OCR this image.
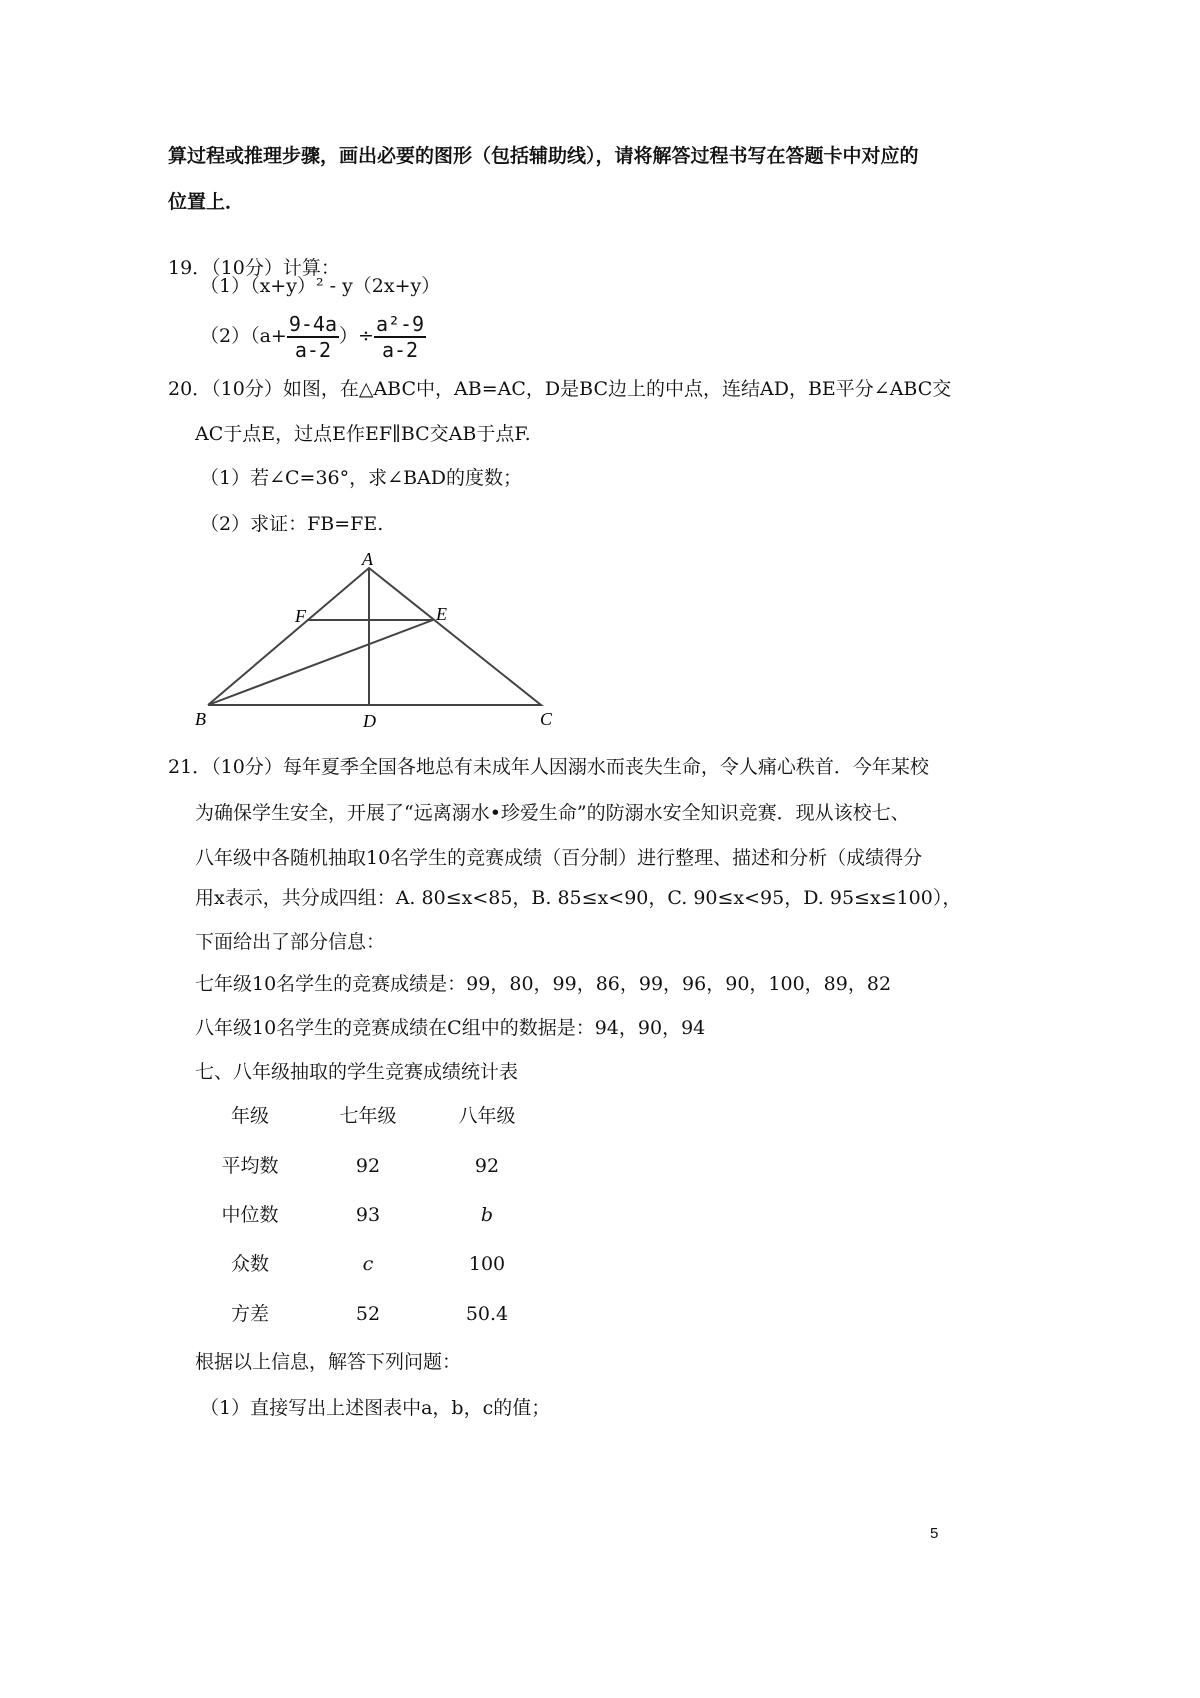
算过程或推理步骤，画出必要的图形（包括辅助线），请将解答过程书写在答题卡中对应的
位置上．
19．（10分）计算：
（1）（x+y）² - y（2x+y）
$(2)(a+ \frac{9-4a}{a-2}$ ）÷ $\frac{\text{a²-9}}{a-2}$
20．（10分）如图，在△ABC中，AB=AC，D是BC边上的中点，连结AD，BE平分∠ABC交
AC于点E，过点E作EF∥BC交AB于点F.
（1）若∠C=36°，求∠BAD的度数；
（2）求证：FB=FE.
A
B	C
D
E
F
21．（10分）每年夏季全国各地总有未成年人因溺水而丧失生命，令人痛心秩首．今年某校
为确保学生安全，开展了“远离溺水•珍爱生命”的防溺水安全知识竞赛．现从该校七、
八年级中各随机抽取10名学生的竞赛成绩（百分制）进行整理、描述和分析（成绩得分
用x表示，共分成四组：A. 80≤x<85，B. 85≤x<90，C. 90≤x<95，D. 95≤x≤100），
下面给出了部分信息：
七年级10名学生的竞赛成绩是：99，80，99，86，99，96，90，100，89，82
八年级10名学生的竞赛成绩在C组中的数据是：94，90，94
七、八年级抽取的学生竞赛成绩统计表
年级	七年级	八年级
平均数	92	92
中位数	93	b
众数	c	100
方差	52	50.4
根据以上信息，解答下列问题：
（1）直接写出上述图表中a，b，c的值；
5
